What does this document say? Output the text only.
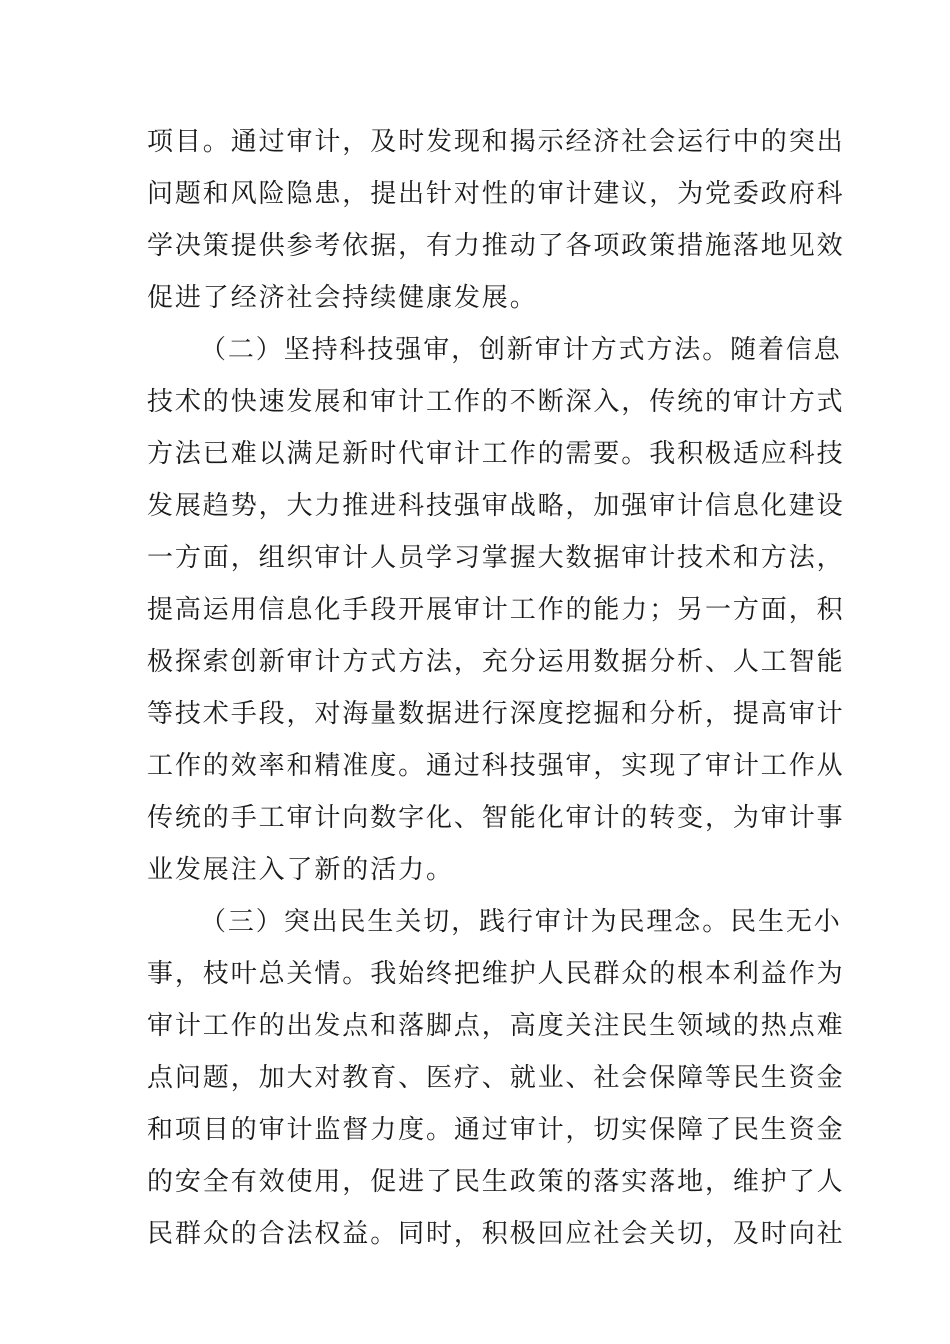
项目。通过审计，及时发现和揭示经济社会运行中的突出
问题和风险隐患，提出针对性的审计建议，为党委政府科
学决策提供参考依据，有力推动了各项政策措施落地见效
促进了经济社会持续健康发展。
（二）坚持科技强审，创新审计方式方法。随着信息
技术的快速发展和审计工作的不断深入，传统的审计方式
方法已难以满足新时代审计工作的需要。我积极适应科技
发展趋势，大力推进科技强审战略，加强审计信息化建设
一方面，组织审计人员学习掌握大数据审计技术和方法，
提高运用信息化手段开展审计工作的能力；另一方面，积
极探索创新审计方式方法，充分运用数据分析、人工智能
等技术手段，对海量数据进行深度挖掘和分析，提高审计
工作的效率和精准度。通过科技强审，实现了审计工作从
传统的手工审计向数字化、智能化审计的转变，为审计事
业发展注入了新的活力。
（三）突出民生关切，践行审计为民理念。民生无小
事，枝叶总关情。我始终把维护人民群众的根本利益作为
审计工作的出发点和落脚点，高度关注民生领域的热点难
点问题，加大对教育、医疗、就业、社会保障等民生资金
和项目的审计监督力度。通过审计，切实保障了民生资金
的安全有效使用，促进了民生政策的落实落地，维护了人
民群众的合法权益。同时，积极回应社会关切，及时向社
